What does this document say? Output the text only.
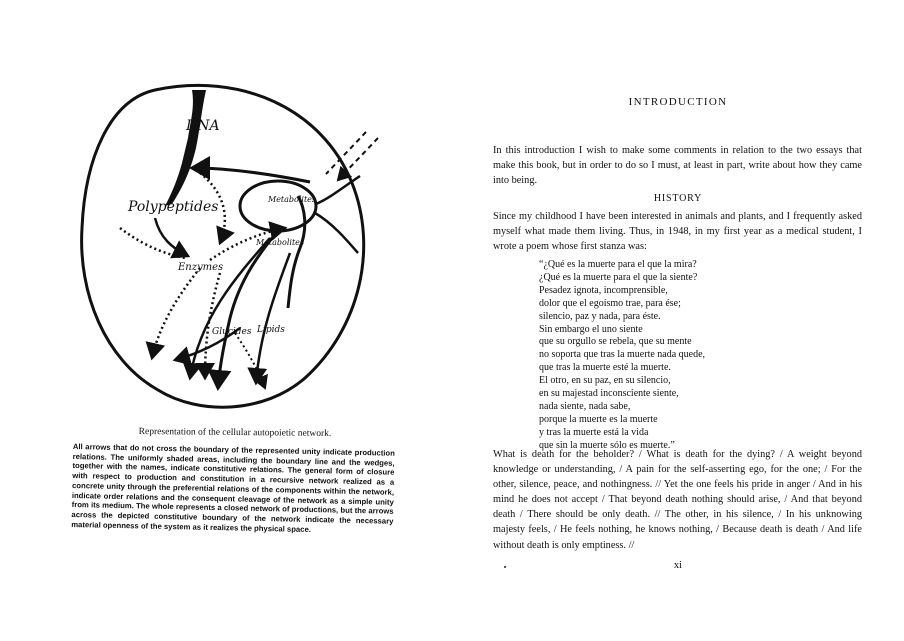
DNA
Polypeptides
Enzymes
Metabolites
Metabolites
Glucides Lipids
Representation of the cellular autopoietic network.
All arrows that do not cross the boundary of the represented unity indicate production relations. The uniformly shaded areas, including the boundary line and the wedges, together with the names, indicate constitutive relations. The general form of closure with respect to production and constitution in a recursive network realized as a concrete unity through the preferential relations of the components within the network, indicate order relations and the consequent cleavage of the network as a simple unity from its medium. The whole represents a closed network of productions, but the arrows across the depicted constitutive boundary of the network indicate the necessary material openness of the system as it realizes the physical space.
INTRODUCTION
In this introduction I wish to make some comments in relation to the two essays that make this book, but in order to do so I must, at least in part, write about how they came into being.
HISTORY
Since my childhood I have been interested in animals and plants, and I frequently asked myself what made them living. Thus, in 1948, in my first year as a medical student, I wrote a poem whose first stanza was:
“¿Qué es la muerte para el que la mira?
¿Qué es la muerte para el que la siente?
Pesadez ignota, incomprensible,
dolor que el egoísmo trae, para ése;
silencio, paz y nada, para éste.
Sin embargo el uno siente
que su orgullo se rebela, que su mente
no soporta que tras la muerte nada quede,
que tras la muerte esté la muerte.
El otro, en su paz, en su silencio,
en su majestad inconsciente siente,
nada siente, nada sabe,
porque la muerte es la muerte
y tras la muerte está la vida
que sin la muerte sólo es muerte.”
What is death for the beholder? / What is death for the dying? / A weight beyond knowledge or understanding, / A pain for the self-asserting ego, for the one; / For the other, silence, peace, and nothingness. // Yet the one feels his pride in anger / And in his mind he does not accept / That beyond death nothing should arise, / And that beyond death / There should be only death. // The other, in his silence, / In his unknowing majesty feels, / He feels nothing, he knows nothing, / Because death is death / And life without death is only emptiness. //
xi
